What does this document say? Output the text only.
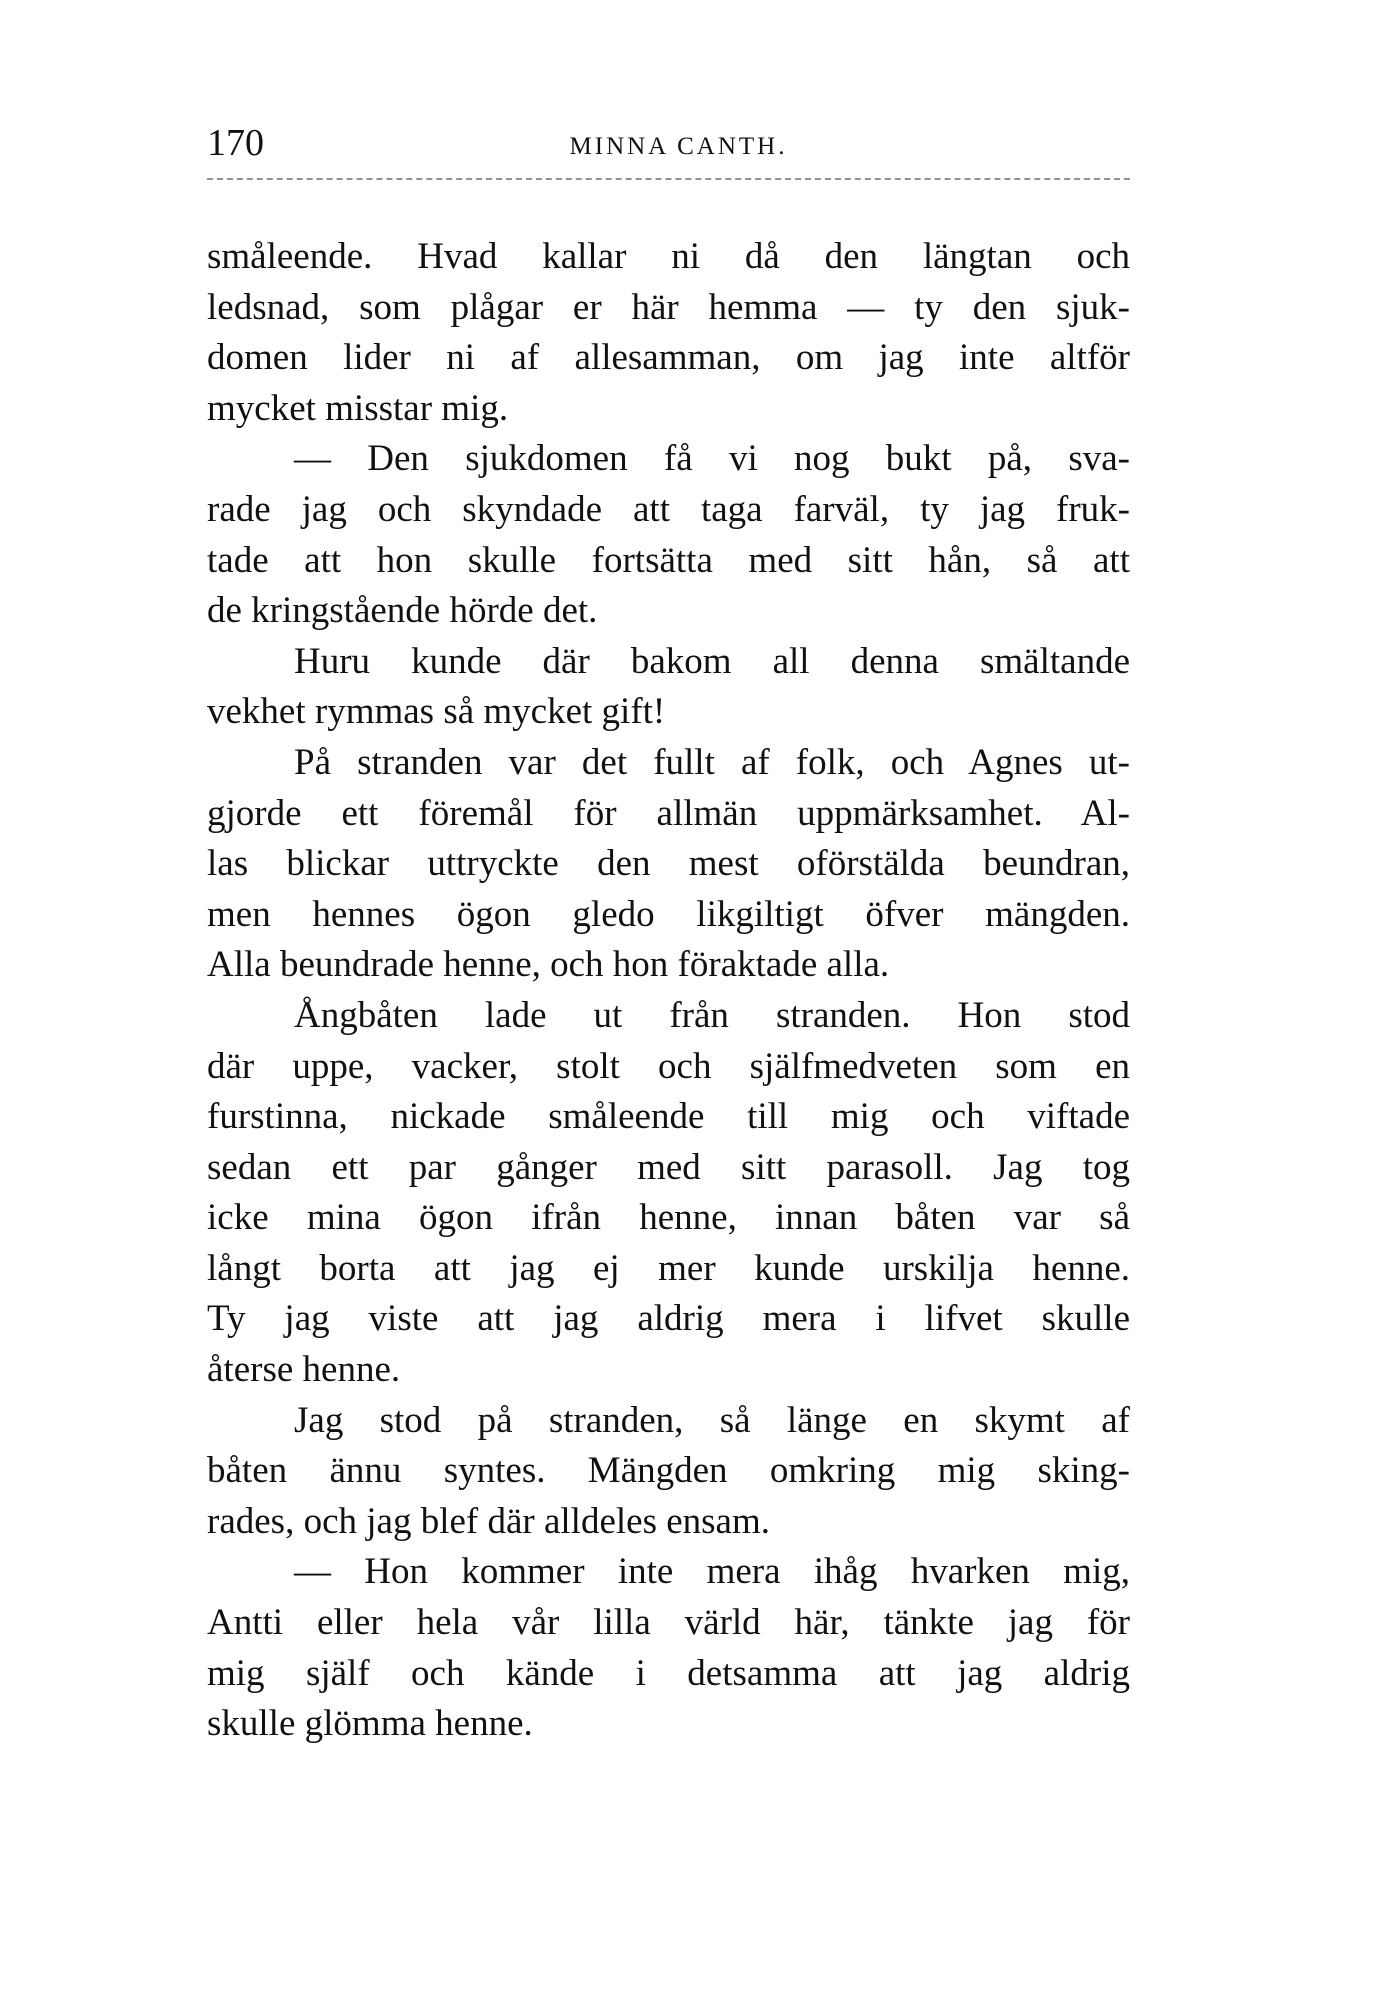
170	MINNA CANTH.
småleende. Hvad kallar ni då den längtan och
ledsnad, som plågar er här hemma — ty den sjuk-
domen lider ni af allesamman, om jag inte altför
mycket misstar mig.
— Den sjukdomen få vi nog bukt på, sva-
rade jag och skyndade att taga farväl, ty jag fruk-
tade att hon skulle fortsätta med sitt hån, så att
de kringstående hörde det.
Huru kunde där bakom all denna smältande
vekhet rymmas så mycket gift!
På stranden var det fullt af folk, och Agnes ut-
gjorde ett föremål för allmän uppmärksamhet. Al-
las blickar uttryckte den mest oförstälda beundran,
men hennes ögon gledo likgiltigt öfver mängden.
Alla beundrade henne, och hon föraktade alla.
Ångbåten lade ut från stranden. Hon stod
där uppe, vacker, stolt och själfmedveten som en
furstinna, nickade småleende till mig och viftade
sedan ett par gånger med sitt parasoll. Jag tog
icke mina ögon ifrån henne, innan båten var så
långt borta att jag ej mer kunde urskilja henne.
Ty jag viste att jag aldrig mera i lifvet skulle
återse henne.
Jag stod på stranden, så länge en skymt af
båten ännu syntes. Mängden omkring mig sking-
rades, och jag blef där alldeles ensam.
— Hon kommer inte mera ihåg hvarken mig,
Antti eller hela vår lilla värld här, tänkte jag för
mig själf och kände i detsamma att jag aldrig
skulle glömma henne.
